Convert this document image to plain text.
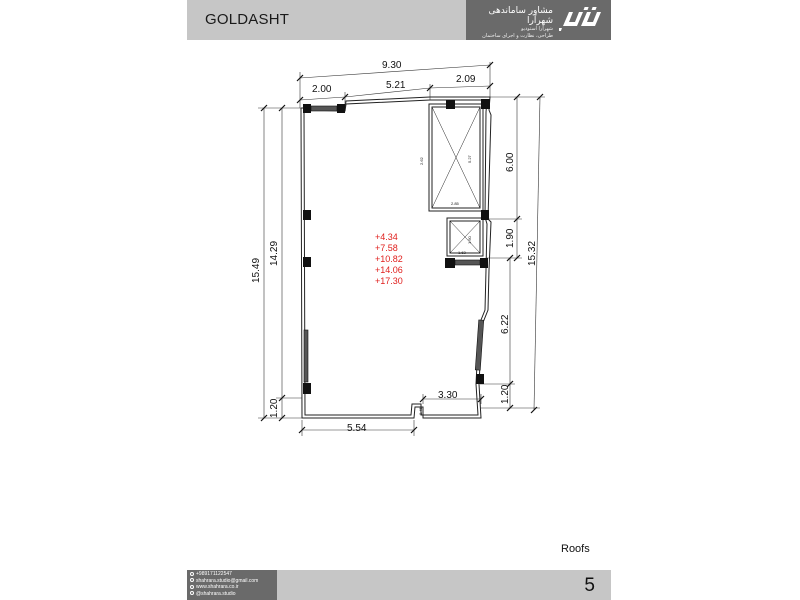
GOLDASHT	مشاور ساماندهی شهرآرا
شهرآرا استودیو
طراحی، نظارت و اجرای ساختمان
9.30
2.00	5.21
2.09
15.49
14.29
1.20
6.00
1.90
6.22
1.20
15.32
5.54
3.30
0.45
2.85
2.62	5.27
1.63
1.60
+4.34
+7.58
+10.82
+14.06
+17.30
Roofs
+989171122547
shahrara.studio@gmail.com
www.shahrara.co.ir
@shahrara.studio	5
